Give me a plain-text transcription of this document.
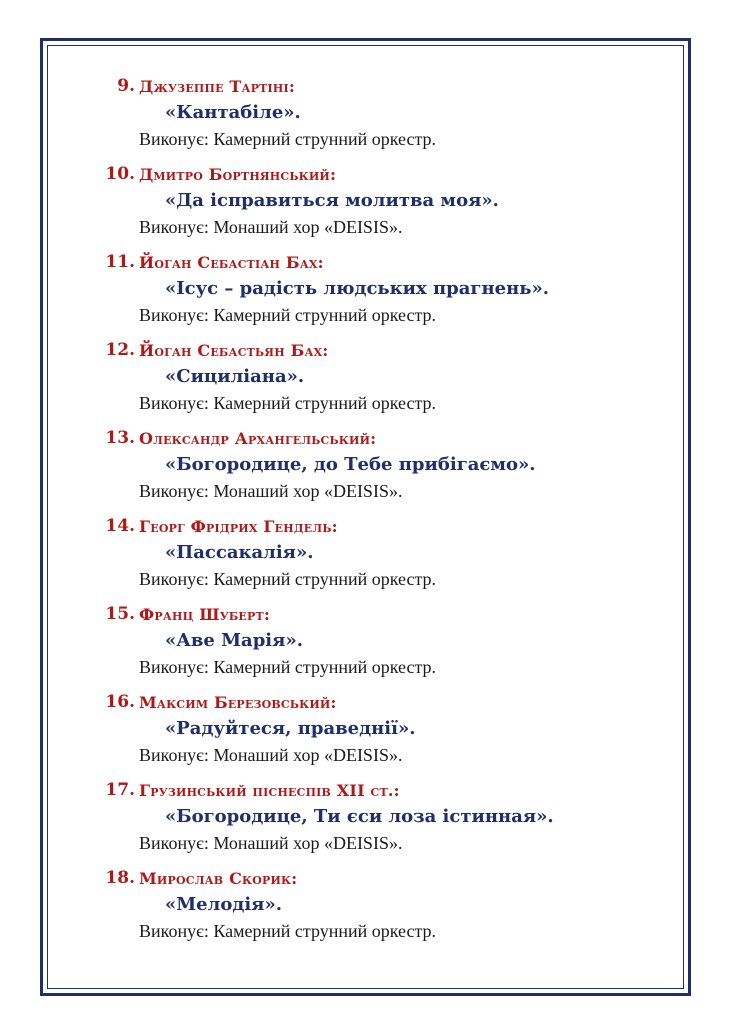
9. Джузеппе Тартіні:
«Кантабіле».
Виконує: Камерний струнний оркестр.
10. Дмитро Бортнянський:
«Да ісправиться молитва моя».
Виконує: Монаший хор «DEISIS».
11. Йоган Себастіан Бах:
«Ісус – радість людських прагнень».
Виконує: Камерний струнний оркестр.
12. Йоган Себастьян Бах:
«Сициліана».
Виконує: Камерний струнний оркестр.
13. Олександр Архангельський:
«Богородице, до Тебе прибігаємо».
Виконує: Монаший хор «DEISIS».
14. Георг Фрідрих Гендель:
«Пассакалія».
Виконує: Камерний струнний оркестр.
15. Франц Шуберт:
«Аве Марія».
Виконує: Камерний струнний оркестр.
16. Максим Березовський:
«Радуйтеся, праведнії».
Виконує: Монаший хор «DEISIS».
17. Грузинський піснеспів XII ст.:
«Богородице, Ти єси лоза істинная».
Виконує: Монаший хор «DEISIS».
18. Мирослав Скорик:
«Мелодія».
Виконує: Камерний струнний оркестр.
